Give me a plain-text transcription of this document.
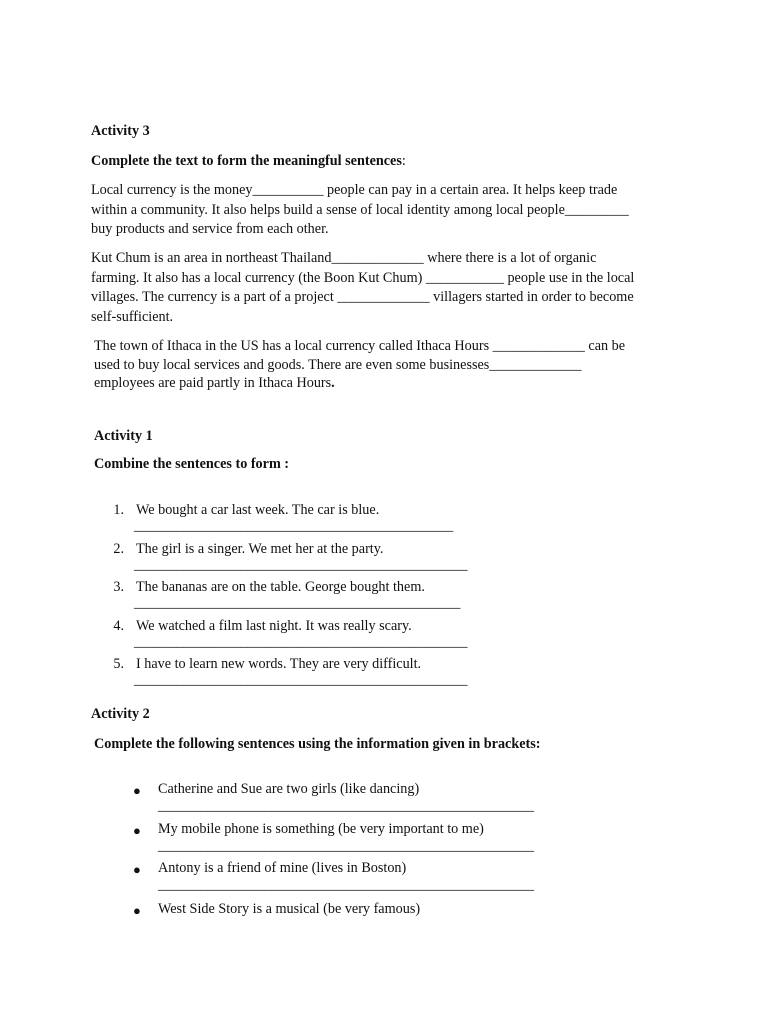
Activity 3
Complete the text to form the meaningful sentences:
Local currency is the money__________ people can pay in a certain area. It helps keep trade
within a community. It also helps build a sense of local identity among local people_________
buy products and service from each other.
Kut Chum is an area in northeast Thailand_____________ where there is a lot of organic
farming. It also has a local currency (the Boon Kut Chum) ___________ people use in the local
villages. The currency is a part of a project _____________ villagers started in order to become
self-sufficient.
The town of Ithaca in the US has a local currency called Ithaca Hours _____________ can be
used to buy local services and goods. There are even some businesses_____________
employees are paid partly in Ithaca Hours.
Activity 1
Combine the sentences to form :
1. We bought a car last week. The car is blue.
_____________________________________________
2. The girl is a singer. We met her at the party.
_______________________________________________
3. The bananas are on the table. George bought them.
______________________________________________
4. We watched a film last night. It was really scary.
_______________________________________________
5. I have to learn new words. They are very difficult.
_______________________________________________
Activity 2
Complete the following sentences using the information given in brackets:
● Catherine and Sue are two girls (like dancing)
_____________________________________________________
● My mobile phone is something (be very important to me)
_____________________________________________________
● Antony is a friend of mine (lives in Boston)
_____________________________________________________
● West Side Story is a musical (be very famous)
